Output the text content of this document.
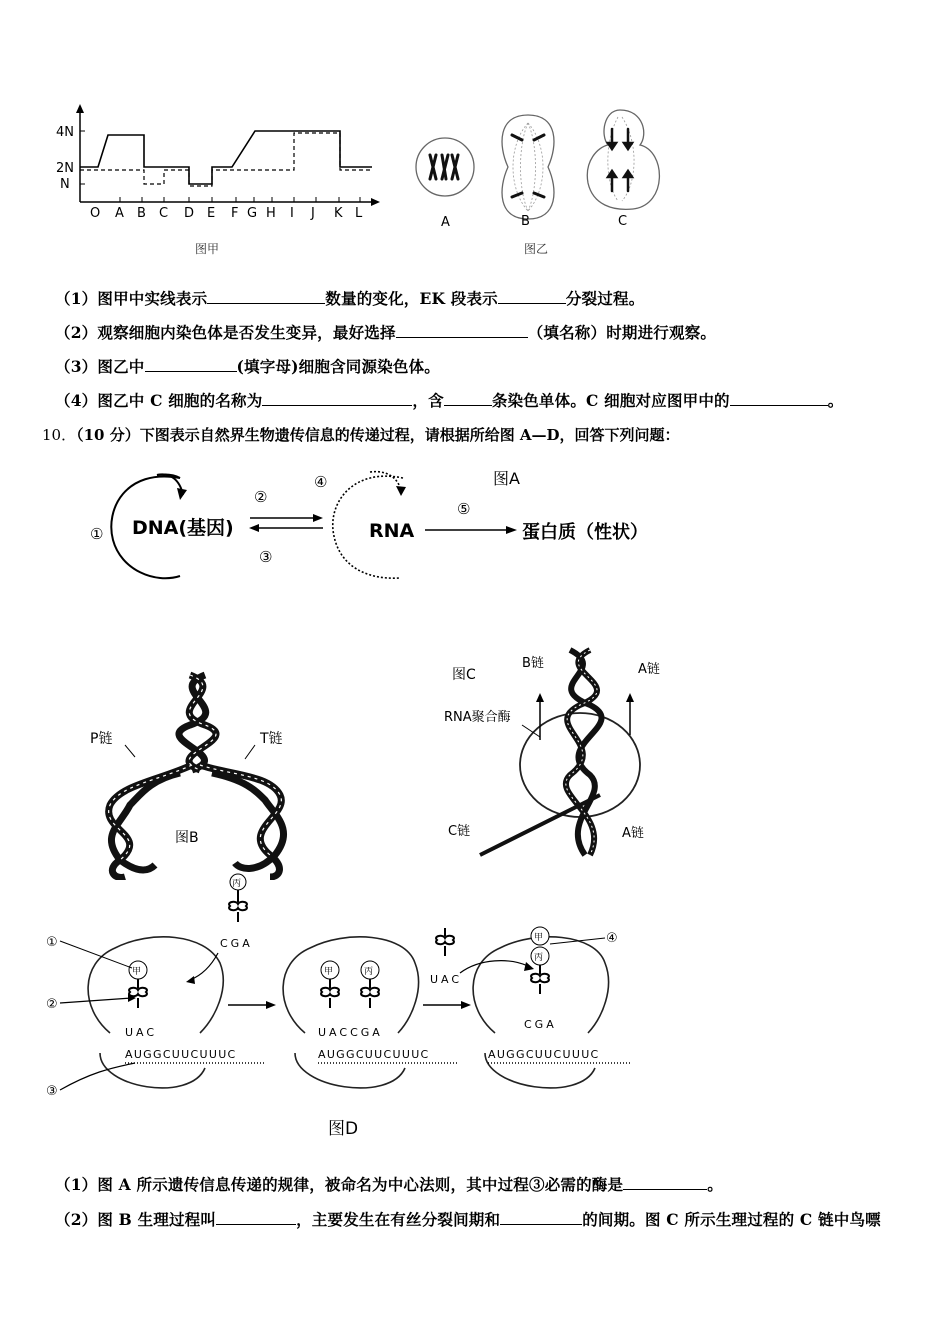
4N
2N
N
O A B C D E F G H I J K L
图甲
A	B	C
图乙
（1）图甲中实线表示	数量的变化，EK 段表示	分裂过程。
（2）观察细胞内染色体是否发生变异，最好选择	（填名称）时期进行观察。
（3）图乙中	(填字母)细胞含同源染色体。
（4）图乙中 C 细胞的名称为	，含	条染色单体。C 细胞对应图甲中的	。
10．（10 分）下图表示自然界生物遗传信息的传递过程，请根据所给图 A—D，回答下列问题：
DNA(基因)	RNA	蛋白质（性状）
图A
①
②
③
④
⑤
P链	T链
图B
图C
B链	A链
RNA聚合酶
C链	A链
AUGGCUUCUUUC	AUGGCUUCUUUC	AUGGCUUCUUUC
丙
CGA
甲
UAC
甲	丙
UACCGA
UAC
甲
丙
CGA
①
②
③
④
图D
（1）图 A 所示遗传信息传递的规律，被命名为中心法则，其中过程③必需的酶是	。
（2）图 B 生理过程叫	，主要发生在有丝分裂间期和	的间期。图 C 所示生理过程的 C 链中鸟嘌
